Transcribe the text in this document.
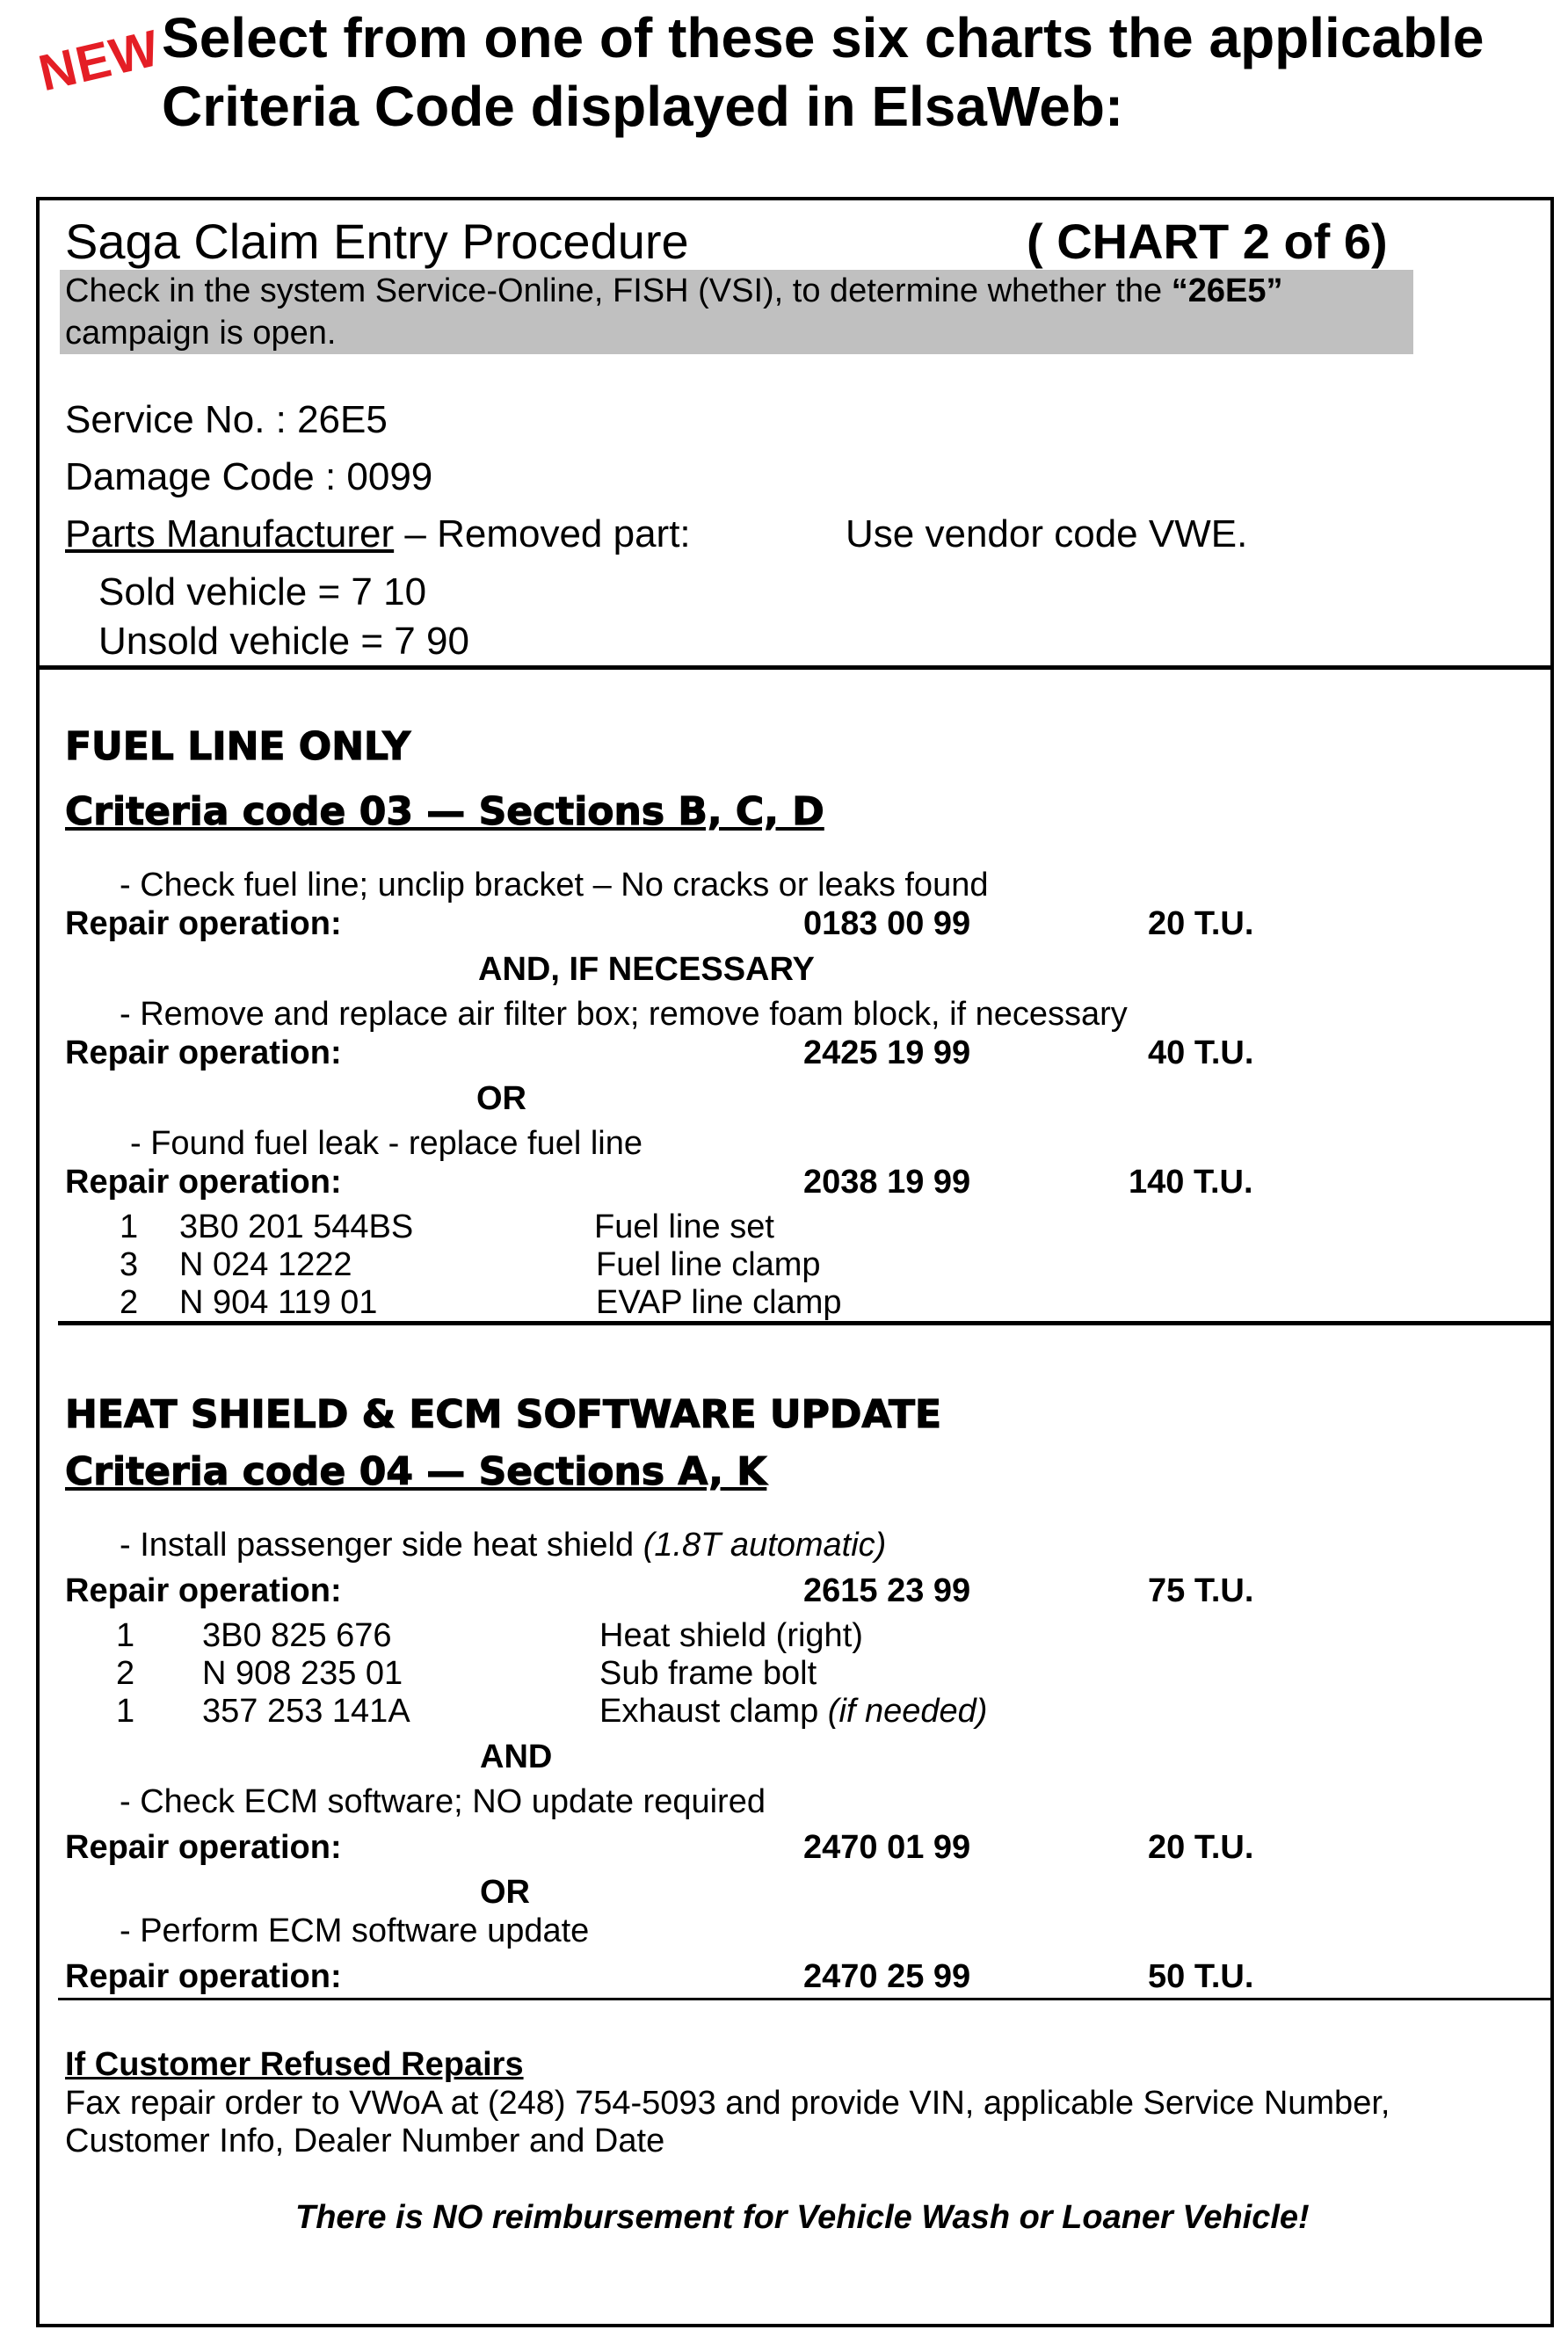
NEW
Select from one of these six charts the applicable
Criteria Code displayed in ElsaWeb:
Saga Claim Entry Procedure	( CHART 2 of 6)
Check in the system Service-Online, FISH (VSI), to determine whether the “26E5”
campaign is open.
Service No. : 26E5
Damage Code : 0099
Parts Manufacturer – Removed part:	Use vendor code VWE.
Sold vehicle = 7 10
Unsold vehicle = 7 90
FUEL LINE ONLY
Criteria code 03 — Sections B, C, D
- Check fuel line; unclip bracket – No cracks or leaks found
Repair operation:	0183 00 99	20 T.U.
AND, IF NECESSARY
- Remove and replace air filter box; remove foam block, if necessary
Repair operation:	2425 19 99	40 T.U.
OR
- Found fuel leak - replace fuel line
Repair operation:	2038 19 99	140 T.U.
1 3B0 201 544BS	Fuel line set
3 N 024 1222	Fuel line clamp
2 N 904 119 01	EVAP line clamp
HEAT SHIELD & ECM SOFTWARE UPDATE
Criteria code 04 — Sections A, K
- Install passenger side heat shield (1.8T automatic)
Repair operation:	2615 23 99	75 T.U.
1 3B0 825 676	Heat shield (right)
2 N 908 235 01	Sub frame bolt
1 357 253 141A	Exhaust clamp (if needed)
AND
- Check ECM software; NO update required
Repair operation:	2470 01 99	20 T.U.
OR
- Perform ECM software update
Repair operation:	2470 25 99	50 T.U.
If Customer Refused Repairs
Fax repair order to VWoA at (248) 754-5093 and provide VIN, applicable Service Number,
Customer Info, Dealer Number and Date
There is NO reimbursement for Vehicle Wash or Loaner Vehicle!
